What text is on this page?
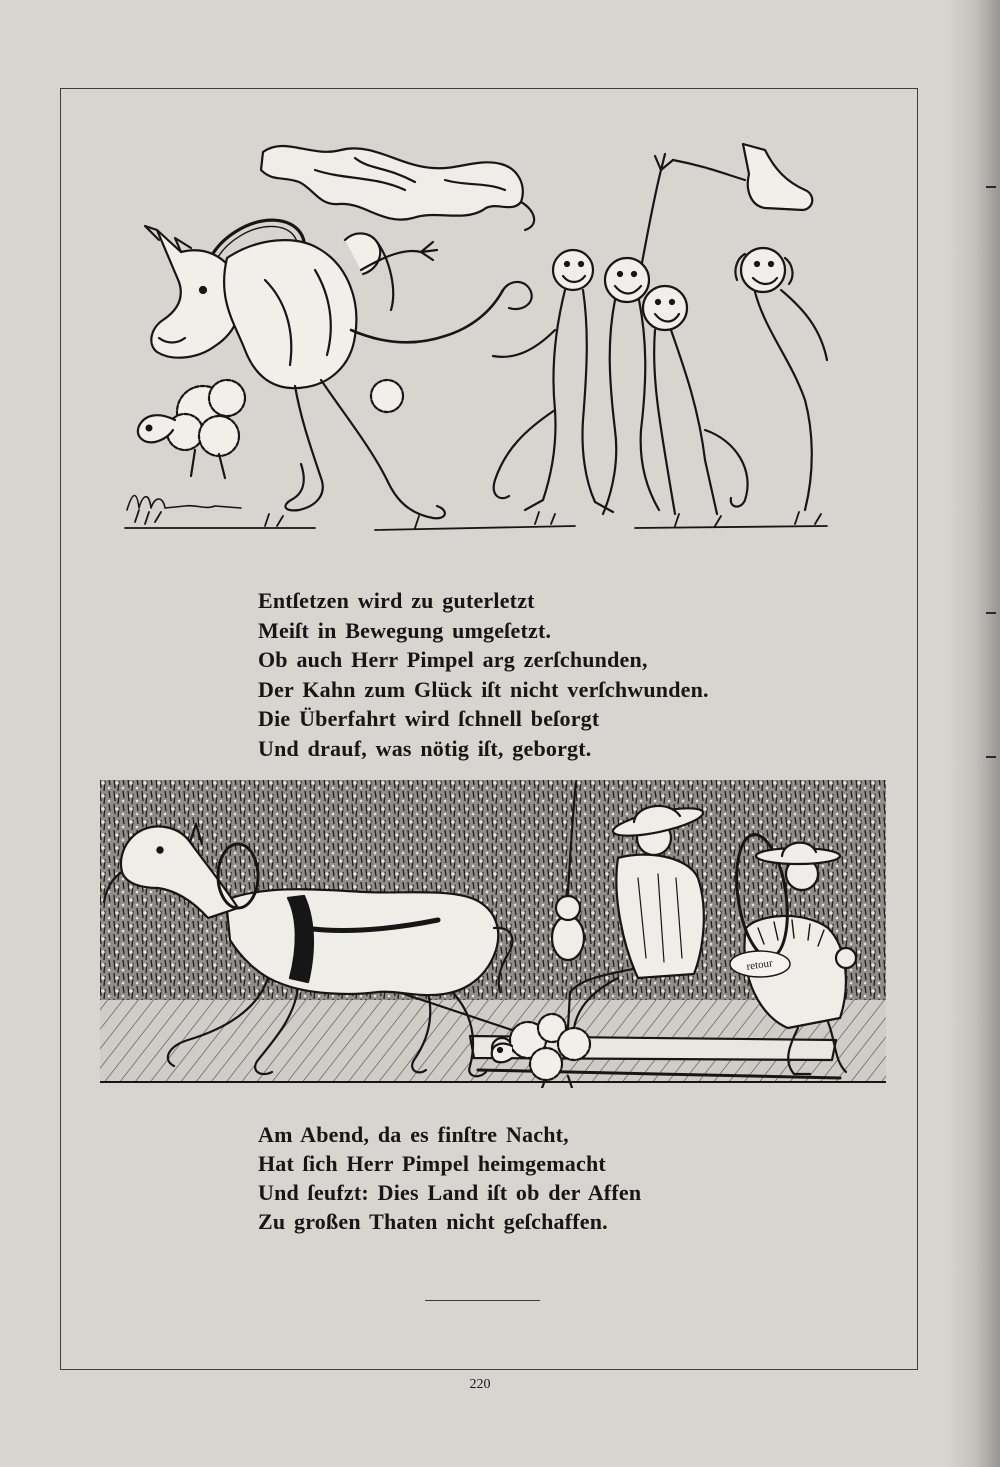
Entſetzen wird zu guterletzt
Meiſt in Bewegung umgeſetzt.
Ob auch Herr Pimpel arg zerſchunden,
Der Kahn zum Glück iſt nicht verſchwunden.
Die Überfahrt wird ſchnell beſorgt
Und drauf, was nötig iſt, geborgt.
retour
Am Abend, da es finſtre Nacht,
Hat ſich Herr Pimpel heimgemacht
Und ſeufzt: Dies Land iſt ob der Affen
Zu großen Thaten nicht geſchaffen.
220
